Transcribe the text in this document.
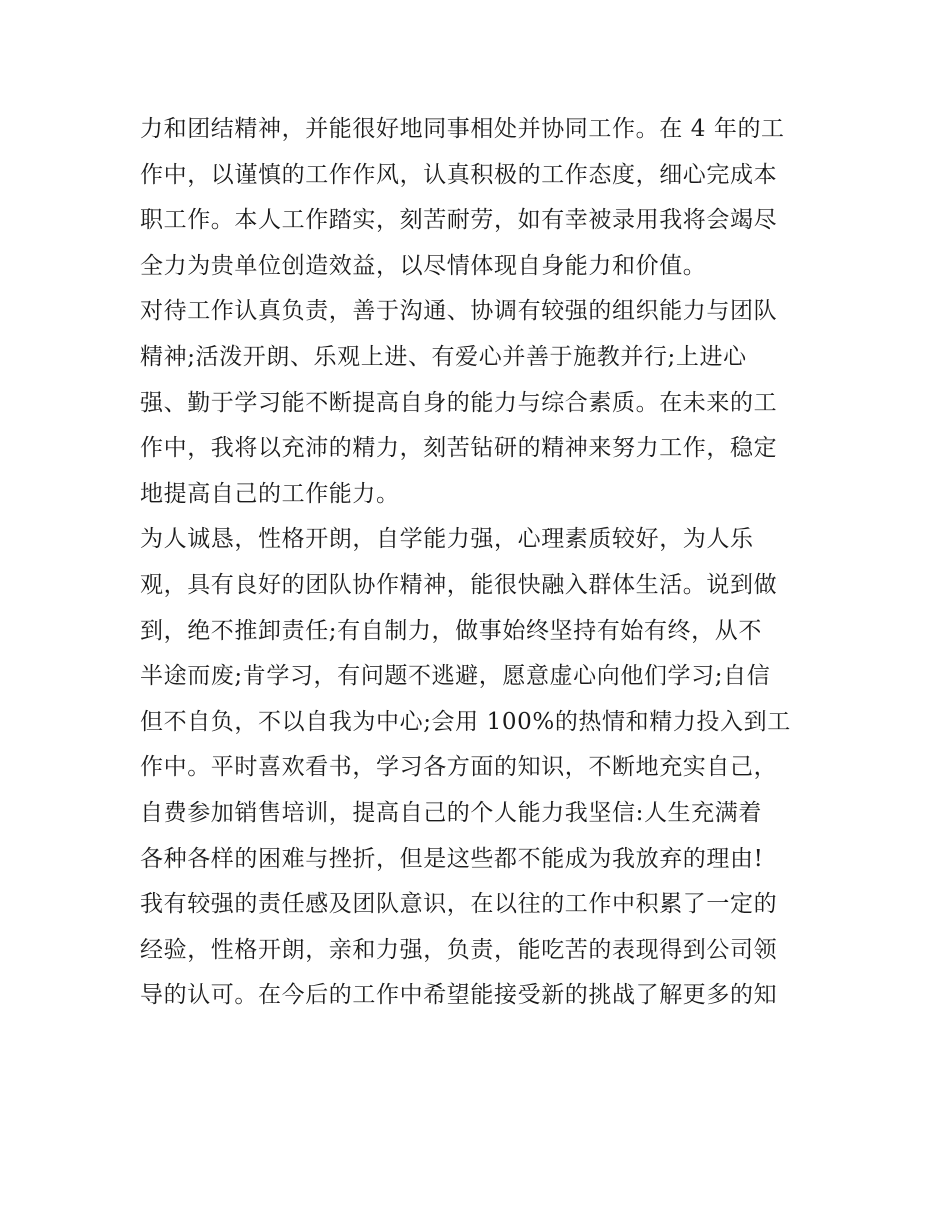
力和团结精神，并能很好地同事相处并协同工作。在 4 年的工
作中，以谨慎的工作作风，认真积极的工作态度，细心完成本
职工作。本人工作踏实，刻苦耐劳，如有幸被录用我将会竭尽
全力为贵单位创造效益，以尽情体现自身能力和价值。
对待工作认真负责，善于沟通、协调有较强的组织能力与团队
精神;活泼开朗、乐观上进、有爱心并善于施教并行;上进心
强、勤于学习能不断提高自身的能力与综合素质。在未来的工
作中，我将以充沛的精力，刻苦钻研的精神来努力工作，稳定
地提高自己的工作能力。
为人诚恳，性格开朗，自学能力强，心理素质较好，为人乐
观，具有良好的团队协作精神，能很快融入群体生活。说到做
到，绝不推卸责任;有自制力，做事始终坚持有始有终，从不
半途而废;肯学习，有问题不逃避，愿意虚心向他们学习;自信
但不自负，不以自我为中心;会用 100%的热情和精力投入到工
作中。平时喜欢看书，学习各方面的知识，不断地充实自己，
自费参加销售培训，提高自己的个人能力我坚信:人生充满着
各种各样的困难与挫折，但是这些都不能成为我放弃的理由!
我有较强的责任感及团队意识，在以往的工作中积累了一定的
经验，性格开朗，亲和力强，负责，能吃苦的表现得到公司领
导的认可。在今后的工作中希望能接受新的挑战了解更多的知
